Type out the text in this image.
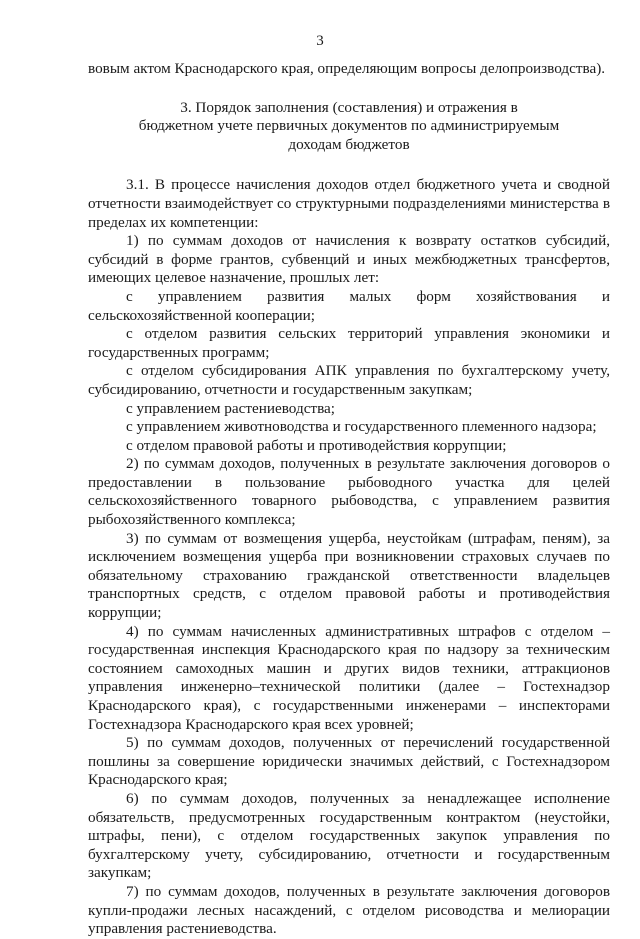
3

вовым актом Краснодарского края, определяющим вопросы делопроизводства).

3. Порядок заполнения (составления) и отражения в
бюджетном учете первичных документов по администрируемым
доходам бюджетов

3.1. В процессе начисления доходов отдел бюджетного учета и сводной отчетности взаимодействует со структурными подразделениями министерства в пределах их компетенции:

1) по суммам доходов от начисления к возврату остатков субсидий, субсидий в форме грантов, субвенций и иных межбюджетных трансфертов, имеющих целевое назначение, прошлых лет:

с управлением развития малых форм хозяйствования и сельскохозяйственной кооперации;

с отделом развития сельских территорий управления экономики и государственных программ;

с отделом субсидирования АПК управления по бухгалтерскому учету, субсидированию, отчетности и государственным закупкам;

с управлением растениеводства;

с управлением животноводства и государственного племенного надзора;

с отделом правовой работы и противодействия коррупции;

2) по суммам доходов, полученных в результате заключения договоров о предоставлении в пользование рыбоводного участка для целей сельскохозяйственного товарного рыбоводства, с управлением развития рыбохозяйственного комплекса;

3) по суммам от возмещения ущерба, неустойкам (штрафам, пеням), за исключением возмещения ущерба при возникновении страховых случаев по обязательному страхованию гражданской ответственности владельцев транспортных средств, с отделом правовой работы и противодействия коррупции;

4) по суммам начисленных административных штрафов с отделом – государственная инспекция Краснодарского края по надзору за техническим состоянием самоходных машин и других видов техники, аттракционов управления инженерно–технической политики (далее – Гостехнадзор Краснодарского края), с государственными инженерами – инспекторами Гостехнадзора Краснодарского края всех уровней;

5) по суммам доходов, полученных от перечислений государственной пошлины за совершение юридически значимых действий, с Гостехнадзором Краснодарского края;

6) по суммам доходов, полученных за ненадлежащее исполнение обязательств, предусмотренных государственным контрактом (неустойки, штрафы, пени), с отделом государственных закупок управления по бухгалтерскому учету, субсидированию, отчетности и государственным закупкам;

7) по суммам доходов, полученных в результате заключения договоров купли-продажи лесных насаждений, с отделом рисоводства и мелиорации управления растениеводства.
